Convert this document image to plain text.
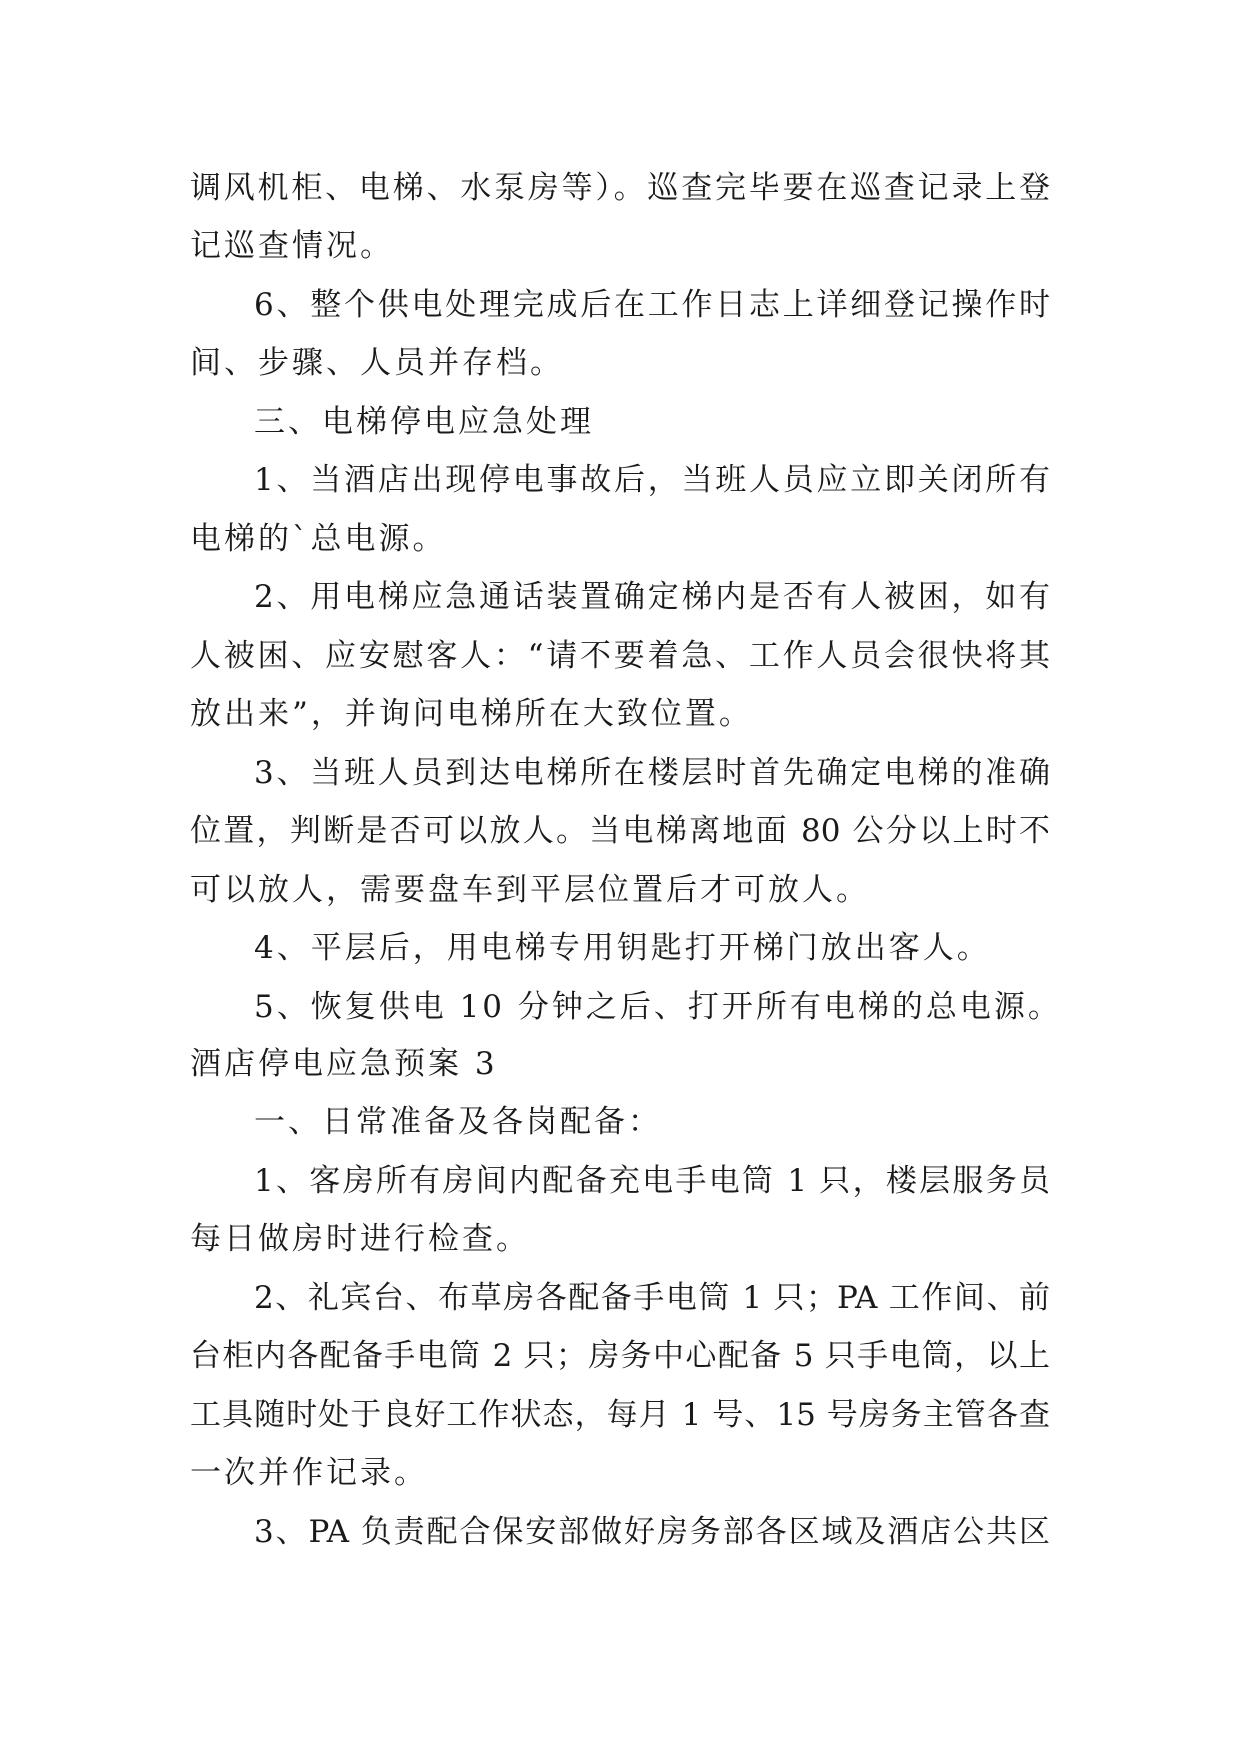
调风机柜、电梯、水泵房等）。巡查完毕要在巡查记录上登
记巡查情况。
6、整个供电处理完成后在工作日志上详细登记操作时
间、步骤、人员并存档。
三、电梯停电应急处理
1、当酒店出现停电事故后，当班人员应立即关闭所有
电梯的`总电源。
2、用电梯应急通话装置确定梯内是否有人被困，如有
人被困、应安慰客人：“请不要着急、工作人员会很快将其
放出来”，并询问电梯所在大致位置。
3、当班人员到达电梯所在楼层时首先确定电梯的准确
位置，判断是否可以放人。当电梯离地面 80 公分以上时不
可以放人，需要盘车到平层位置后才可放人。
4、平层后，用电梯专用钥匙打开梯门放出客人。
5、恢复供电 10 分钟之后、打开所有电梯的总电源。
酒店停电应急预案 3
一、日常准备及各岗配备：
1、客房所有房间内配备充电手电筒 1 只，楼层服务员
每日做房时进行检查。
2、礼宾台、布草房各配备手电筒 1 只；PA 工作间、前
台柜内各配备手电筒 2 只；房务中心配备 5 只手电筒，以上
工具随时处于良好工作状态，每月 1 号、15 号房务主管各查
一次并作记录。
3、PA 负责配合保安部做好房务部各区域及酒店公共区
